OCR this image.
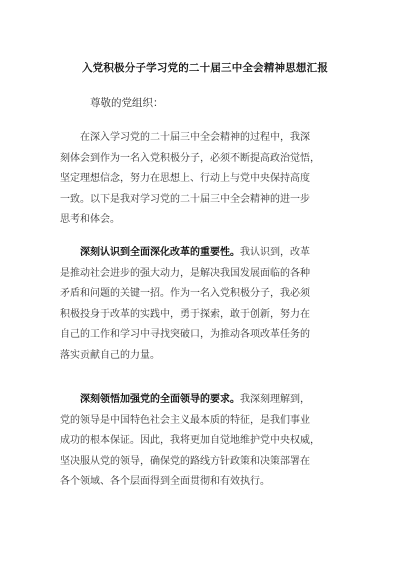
入党积极分子学习党的二十届三中全会精神思想汇报
尊敬的党组织：
在深入学习党的二十届三中全会精神的过程中，我深
刻体会到作为一名入党积极分子，必须不断提高政治觉悟，
坚定理想信念，努力在思想上、行动上与党中央保持高度
一致。以下是我对学习党的二十届三中全会精神的进一步
思考和体会。
深刻认识到全面深化改革的重要性。我认识到，改革
是推动社会进步的强大动力，是解决我国发展面临的各种
矛盾和问题的关键一招。作为一名入党积极分子，我必须
积极投身于改革的实践中，勇于探索，敢于创新，努力在
自己的工作和学习中寻找突破口，为推动各项改革任务的
落实贡献自己的力量。
深刻领悟加强党的全面领导的要求。我深刻理解到，
党的领导是中国特色社会主义最本质的特征，是我们事业
成功的根本保证。因此，我将更加自觉地维护党中央权威，
坚决服从党的领导，确保党的路线方针政策和决策部署在
各个领域、各个层面得到全面贯彻和有效执行。
